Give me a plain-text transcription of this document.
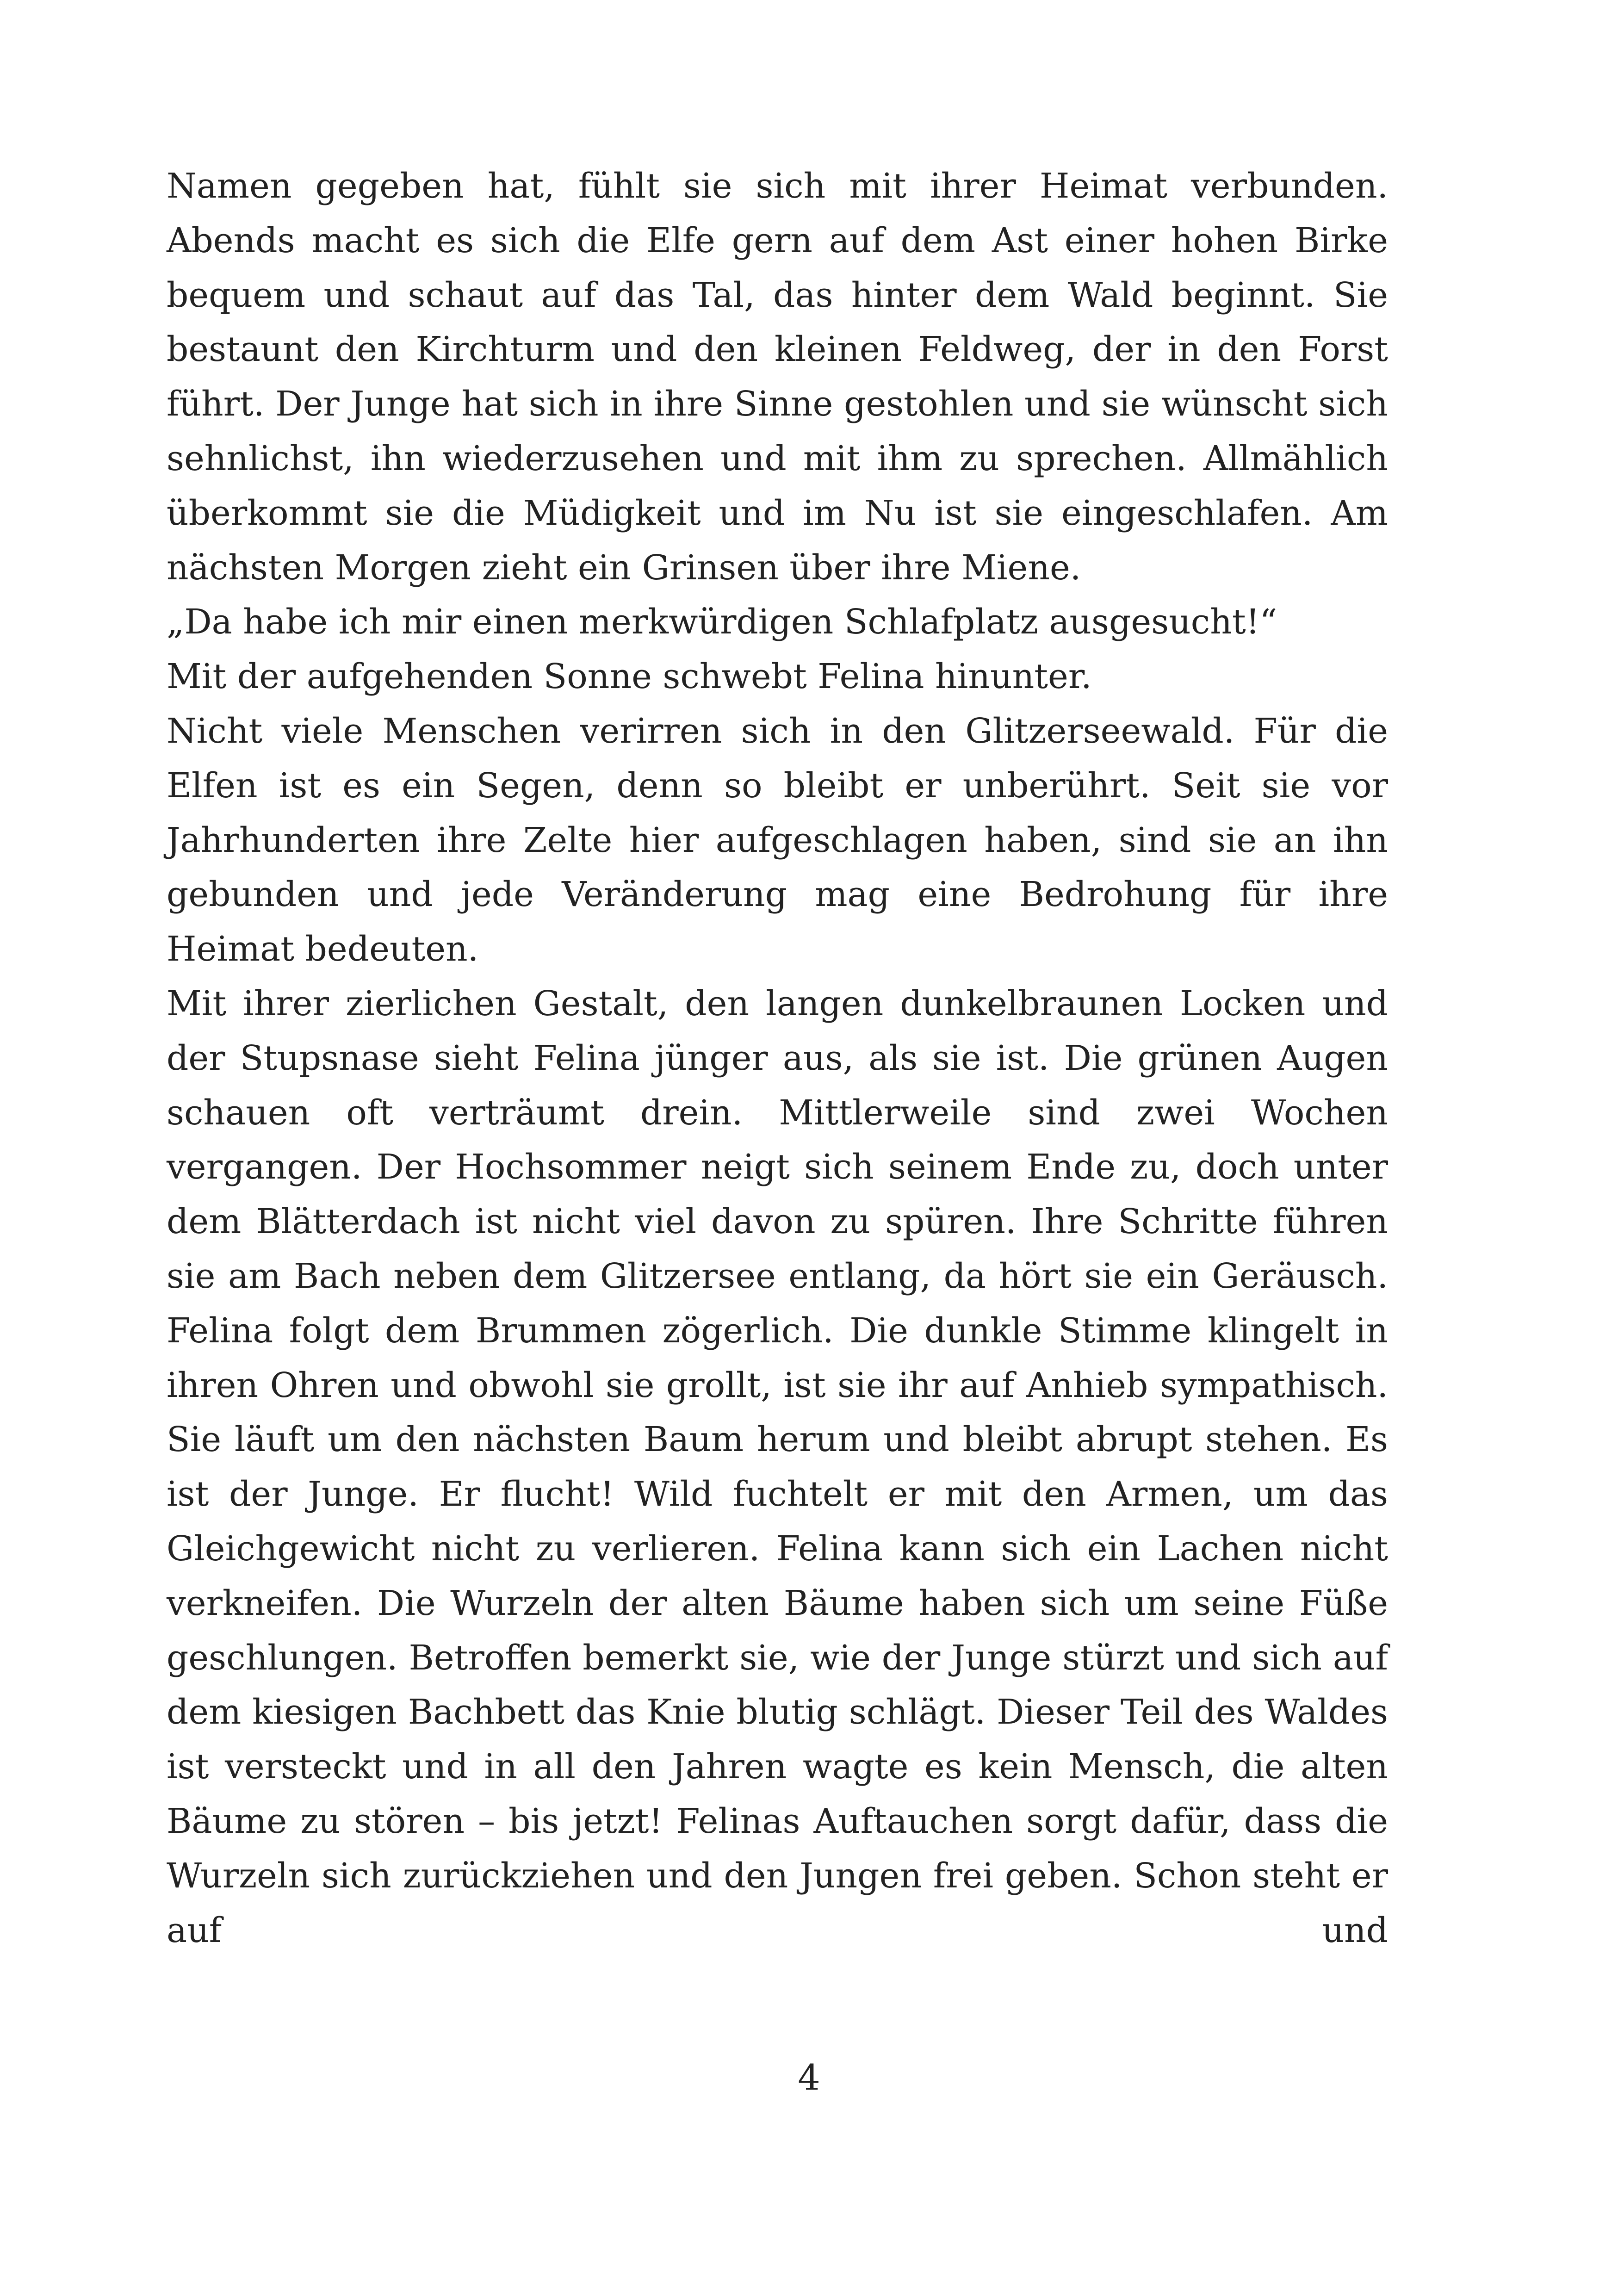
Namen gegeben hat, fühlt sie sich mit ihrer Heimat verbunden. Abends macht es sich die Elfe gern auf dem Ast einer hohen Birke bequem und schaut auf das Tal, das hinter dem Wald beginnt. Sie bestaunt den Kirchturm und den kleinen Feldweg, der in den Forst führt. Der Junge hat sich in ihre Sinne gestohlen und sie wünscht sich sehnlichst, ihn wiederzusehen und mit ihm zu sprechen. Allmählich überkommt sie die Müdigkeit und im Nu ist sie eingeschlafen. Am nächsten Morgen zieht ein Grinsen über ihre Miene.

„Da habe ich mir einen merkwürdigen Schlafplatz ausgesucht!“

Mit der aufgehenden Sonne schwebt Felina hinunter.

Nicht viele Menschen verirren sich in den Glitzerseewald. Für die Elfen ist es ein Segen, denn so bleibt er unberührt. Seit sie vor Jahrhunderten ihre Zelte hier aufgeschlagen haben, sind sie an ihn gebunden und jede Veränderung mag eine Bedrohung für ihre Heimat bedeuten.

Mit ihrer zierlichen Gestalt, den langen dunkelbraunen Locken und der Stupsnase sieht Felina jünger aus, als sie ist. Die grünen Augen schauen oft verträumt drein. Mittlerweile sind zwei Wochen vergangen. Der Hochsommer neigt sich seinem Ende zu, doch unter dem Blätterdach ist nicht viel davon zu spüren. Ihre Schritte führen sie am Bach neben dem Glitzersee entlang, da hört sie ein Geräusch. Felina folgt dem Brummen zögerlich. Die dunkle Stimme klingelt in ihren Ohren und obwohl sie grollt, ist sie ihr auf Anhieb sympathisch. Sie läuft um den nächsten Baum herum und bleibt abrupt stehen. Es ist der Junge. Er flucht! Wild fuchtelt er mit den Armen, um das Gleichgewicht nicht zu verlieren. Felina kann sich ein Lachen nicht verkneifen. Die Wurzeln der alten Bäume haben sich um seine Füße geschlungen. Betroffen bemerkt sie, wie der Junge stürzt und sich auf dem kiesigen Bachbett das Knie blutig schlägt. Dieser Teil des Waldes ist versteckt und in all den Jahren wagte es kein Mensch, die alten Bäume zu stören – bis jetzt! Felinas Auftauchen sorgt dafür, dass die Wurzeln sich zurückziehen und den Jungen frei geben. Schon steht er auf und

4
